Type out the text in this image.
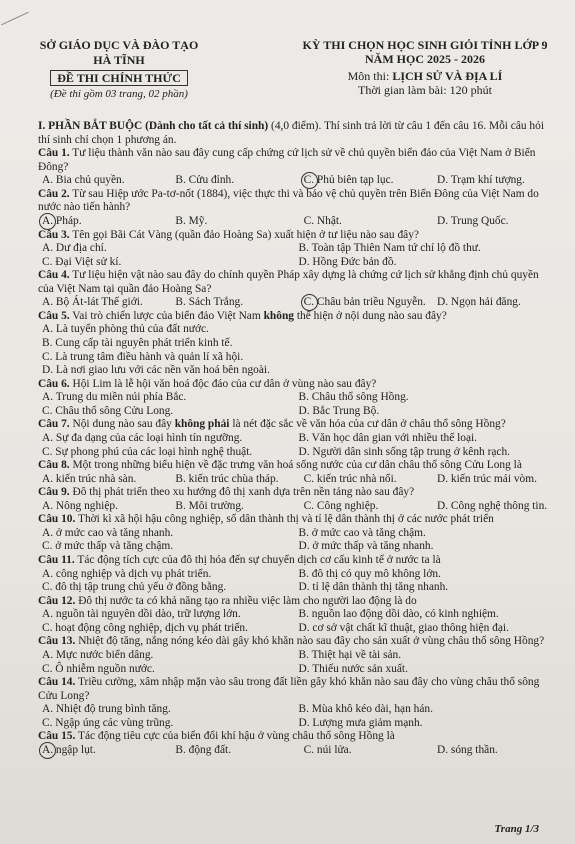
SỞ GIÁO DỤC VÀ ĐÀO TẠO
HÀ TĨNH
ĐỀ THI CHÍNH THỨC
(Đề thi gồm 03 trang, 02 phần)
KỲ THI CHỌN HỌC SINH GIỎI TỈNH LỚP 9
NĂM HỌC 2025 - 2026
Môn thi: LỊCH SỬ VÀ ĐỊA LÍ
Thời gian làm bài: 120 phút

I. PHẦN BẮT BUỘC (Dành cho tất cả thí sinh) (4,0 điểm). Thí sinh trả lời từ câu 1 đến câu 16. Mỗi câu hỏi thí sinh chỉ chọn 1 phương án.

Câu 1. Tư liệu thành văn nào sau đây cung cấp chứng cứ lịch sử về chủ quyền biển đảo của Việt Nam ở Biển Đông?

A. Bia chủ quyền.	B. Cửu đỉnh.	C. Phủ biên tạp lục.	D. Trạm khí tượng.

Câu 2. Từ sau Hiệp ước Pa-tơ-nốt (1884), việc thực thi và bảo vệ chủ quyền trên Biển Đông của Việt Nam do nước nào tiến hành?

A. Pháp.	B. Mỹ.	C. Nhật.	D. Trung Quốc.

Câu 3. Tên gọi Bãi Cát Vàng (quần đảo Hoàng Sa) xuất hiện ở tư liệu nào sau đây?

A. Dư địa chí.	B. Toàn tập Thiên Nam tứ chí lộ đồ thư.
C. Đại Việt sử kí.	D. Hồng Đức bản đồ.

Câu 4. Tư liệu hiện vật nào sau đây do chính quyền Pháp xây dựng là chứng cứ lịch sử khẳng định chủ quyền của Việt Nam tại quần đảo Hoàng Sa?

A. Bộ Át-lát Thế giới.	B. Sách Trắng.	C. Châu bản triều Nguyễn. D. Ngọn hải đăng.

Câu 5. Vai trò chiến lược của biển đảo Việt Nam không thể hiện ở nội dung nào sau đây?

A. Là tuyến phòng thủ của đất nước.
B. Cung cấp tài nguyên phát triển kinh tế.
C. Là trung tâm điều hành và quản lí xã hội.
D. Là nơi giao lưu với các nền văn hoá bên ngoài.

Câu 6. Hội Lim là lễ hội văn hoá độc đáo của cư dân ở vùng nào sau đây?

A. Trung du miền núi phía Bắc.	B. Châu thổ sông Hồng.
C. Châu thổ sông Cửu Long.	D. Bắc Trung Bộ.

Câu 7. Nội dung nào sau đây không phải là nét đặc sắc về văn hóa của cư dân ở châu thổ sông Hồng?

A. Sự đa dạng của các loại hình tín ngưỡng.	B. Văn học dân gian với nhiều thể loại.
C. Sự phong phú của các loại hình nghệ thuật.	D. Người dân sinh sống tập trung ở kênh rạch.

Câu 8. Một trong những biểu hiện về đặc trưng văn hoá sống nước của cư dân châu thổ sông Cửu Long là

A. kiến trúc nhà sàn.	B. kiến trúc chùa tháp.	C. kiến trúc nhà nổi.	D. kiến trúc mái vòm.

Câu 9. Đô thị phát triển theo xu hướng đô thị xanh dựa trên nền tảng nào sau đây?

A. Nông nghiệp.	B. Môi trường.	C. Công nghiệp.	D. Công nghệ thông tin.

Câu 10. Thời kì xã hội hậu công nghiệp, số dân thành thị và tỉ lệ dân thành thị ở các nước phát triển

A. ở mức cao và tăng nhanh.	B. ở mức cao và tăng chậm.
C. ở mức thấp và tăng chậm.	D. ở mức thấp và tăng nhanh.

Câu 11. Tác động tích cực của đô thị hóa đến sự chuyển dịch cơ cấu kinh tế ở nước ta là

A. công nghiệp và dịch vụ phát triển.	B. đô thị có quy mô không lớn.
C. đô thị tập trung chủ yếu ở đồng bằng.	D. tỉ lệ dân thành thị tăng nhanh.

Câu 12. Đô thị nước ta có khả năng tạo ra nhiều việc làm cho người lao động là do

A. nguồn tài nguyên dồi dào, trữ lượng lớn.	B. nguồn lao động dồi dào, có kinh nghiệm.
C. hoạt động công nghiệp, dịch vụ phát triển.	D. cơ sở vật chất kĩ thuật, giao thông hiện đại.

Câu 13. Nhiệt độ tăng, nắng nóng kéo dài gây khó khăn nào sau đây cho sản xuất ở vùng châu thổ sông Hồng?

A. Mực nước biển dâng.	B. Thiệt hại về tài sản.
C. Ô nhiễm nguồn nước.	D. Thiếu nước sản xuất.

Câu 14. Triều cường, xâm nhập mặn vào sâu trong đất liền gây khó khăn nào sau đây cho vùng châu thổ sông Cửu Long?

A. Nhiệt độ trung bình tăng.	B. Mùa khô kéo dài, hạn hán.
C. Ngập úng các vùng trũng.	D. Lượng mưa giảm mạnh.

Câu 15. Tác động tiêu cực của biến đổi khí hậu ở vùng châu thổ sông Hồng là

A. ngập lụt.	B. động đất.	C. núi lửa.	D. sóng thần.
Trang 1/3
